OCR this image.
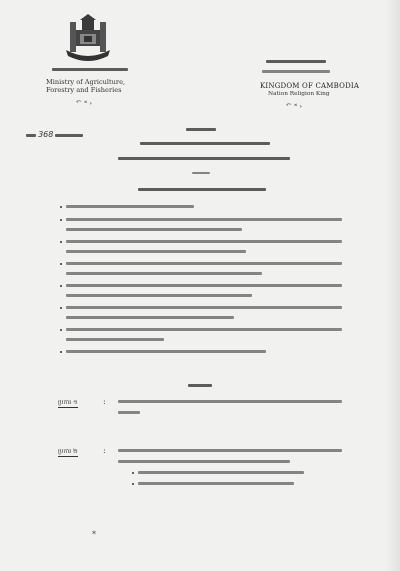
Ministry of Agriculture,
Forestry and Fisheries
ᯞ ᯬ ᯮ
KINGDOM OF CAMBODIA
Nation Religion King
ᯞ ᯬ ᯮ
368
ប្រការ ១	:
ប្រការ ២	:
*
